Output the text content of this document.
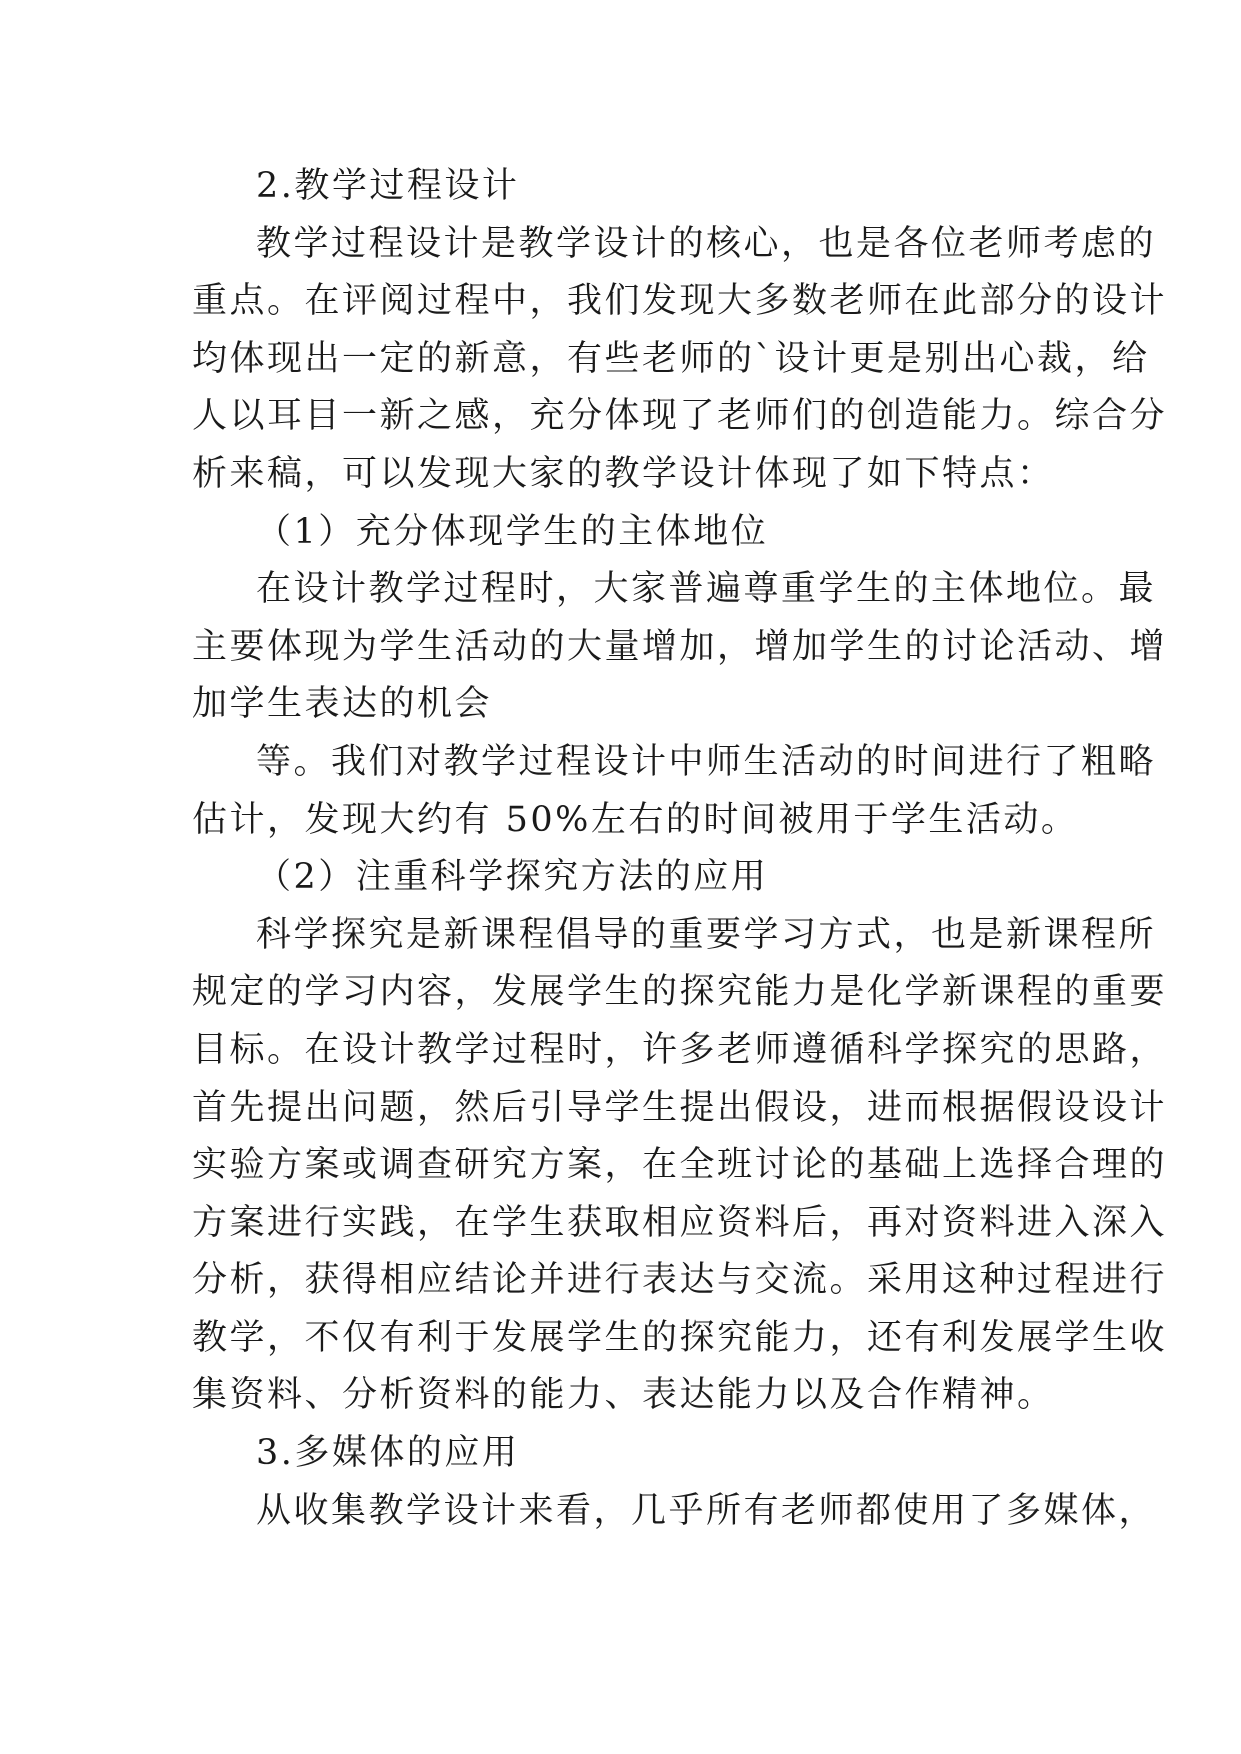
2.教学过程设计

教学过程设计是教学设计的核心，也是各位老师考虑的

重点。在评阅过程中，我们发现大多数老师在此部分的设计

均体现出一定的新意，有些老师的`设计更是别出心裁，给

人以耳目一新之感，充分体现了老师们的创造能力。综合分

析来稿，可以发现大家的教学设计体现了如下特点：

（1）充分体现学生的主体地位

在设计教学过程时，大家普遍尊重学生的主体地位。最

主要体现为学生活动的大量增加，增加学生的讨论活动、增

加学生表达的机会

等。我们对教学过程设计中师生活动的时间进行了粗略

估计，发现大约有 50%左右的时间被用于学生活动。

（2）注重科学探究方法的应用

科学探究是新课程倡导的重要学习方式，也是新课程所

规定的学习内容，发展学生的探究能力是化学新课程的重要

目标。在设计教学过程时，许多老师遵循科学探究的思路，

首先提出问题，然后引导学生提出假设，进而根据假设设计

实验方案或调查研究方案，在全班讨论的基础上选择合理的

方案进行实践，在学生获取相应资料后，再对资料进入深入

分析，获得相应结论并进行表达与交流。采用这种过程进行

教学，不仅有利于发展学生的探究能力，还有利发展学生收

集资料、分析资料的能力、表达能力以及合作精神。

3.多媒体的应用

从收集教学设计来看，几乎所有老师都使用了多媒体，
